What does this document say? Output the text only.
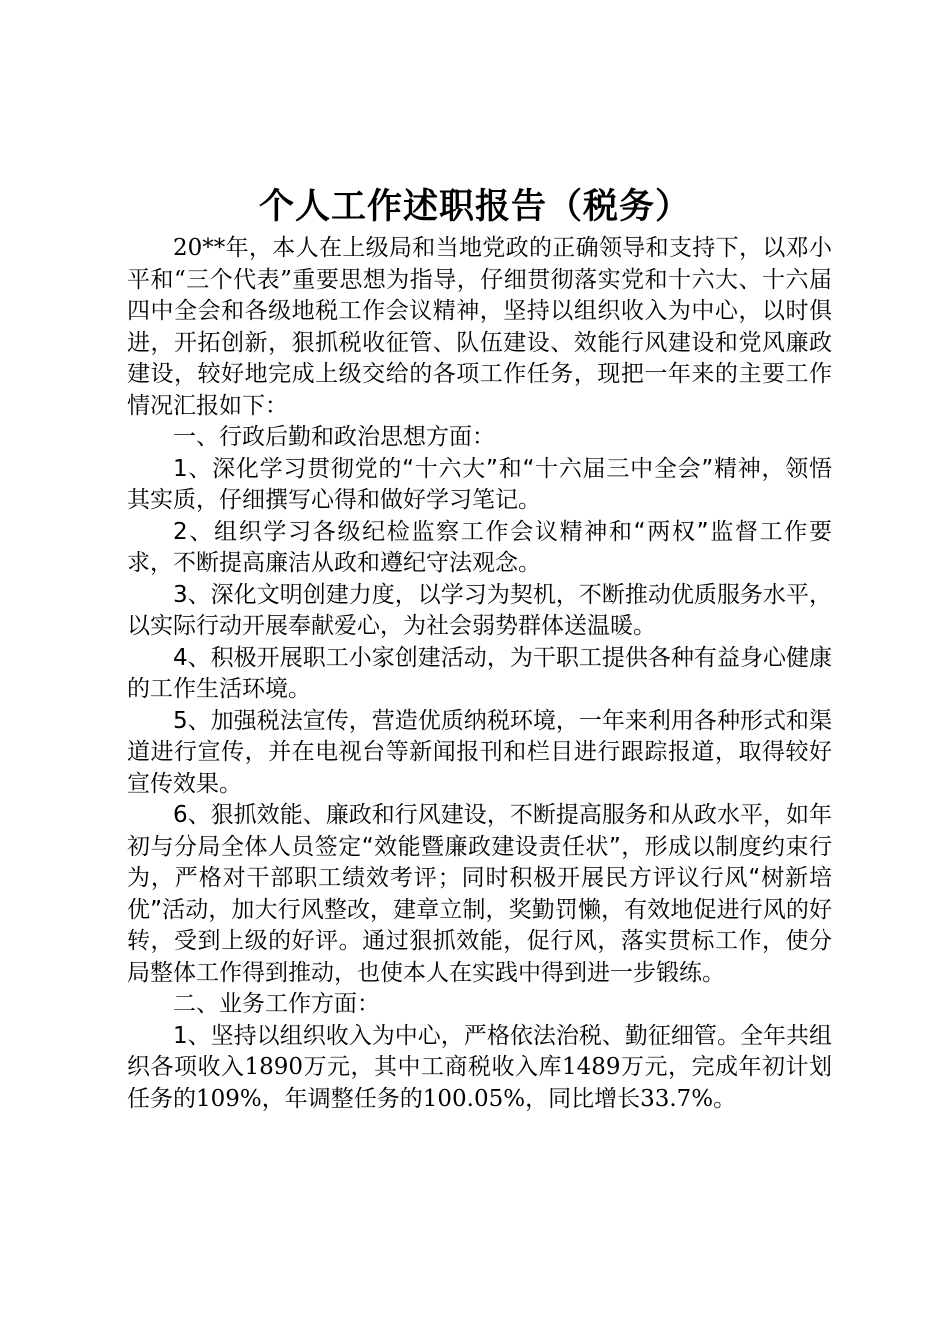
个人工作述职报告（税务）

20**年，本人在上级局和当地党政的正确领导和支持下，以邓小平和“三个代表”重要思想为指导，仔细贯彻落实党和十六大、十六届四中全会和各级地税工作会议精神，坚持以组织收入为中心，以时俱进，开拓创新，狠抓税收征管、队伍建设、效能行风建设和党风廉政建设，较好地完成上级交给的各项工作任务，现把一年来的主要工作情况汇报如下：

一、行政后勤和政治思想方面：

1、深化学习贯彻党的“十六大”和“十六届三中全会”精神，领悟其实质，仔细撰写心得和做好学习笔记。

2、组织学习各级纪检监察工作会议精神和“两权”监督工作要求，不断提高廉洁从政和遵纪守法观念。

3、深化文明创建力度，以学习为契机，不断推动优质服务水平，以实际行动开展奉献爱心，为社会弱势群体送温暖。

4、积极开展职工小家创建活动，为干职工提供各种有益身心健康的工作生活环境。

5、加强税法宣传，营造优质纳税环境，一年来利用各种形式和渠道进行宣传，并在电视台等新闻报刊和栏目进行跟踪报道，取得较好宣传效果。

6、狠抓效能、廉政和行风建设，不断提高服务和从政水平，如年初与分局全体人员签定“效能暨廉政建设责任状”，形成以制度约束行为，严格对干部职工绩效考评；同时积极开展民方评议行风“树新培优”活动，加大行风整改，建章立制，奖勤罚懒，有效地促进行风的好转，受到上级的好评。通过狠抓效能，促行风，落实贯标工作，使分局整体工作得到推动，也使本人在实践中得到进一步锻练。

二、业务工作方面：

1、坚持以组织收入为中心，严格依法治税、勤征细管。全年共组织各项收入1890万元，其中工商税收入库1489万元，完成年初计划任务的109%，年调整任务的100.05%，同比增长33.7%。
